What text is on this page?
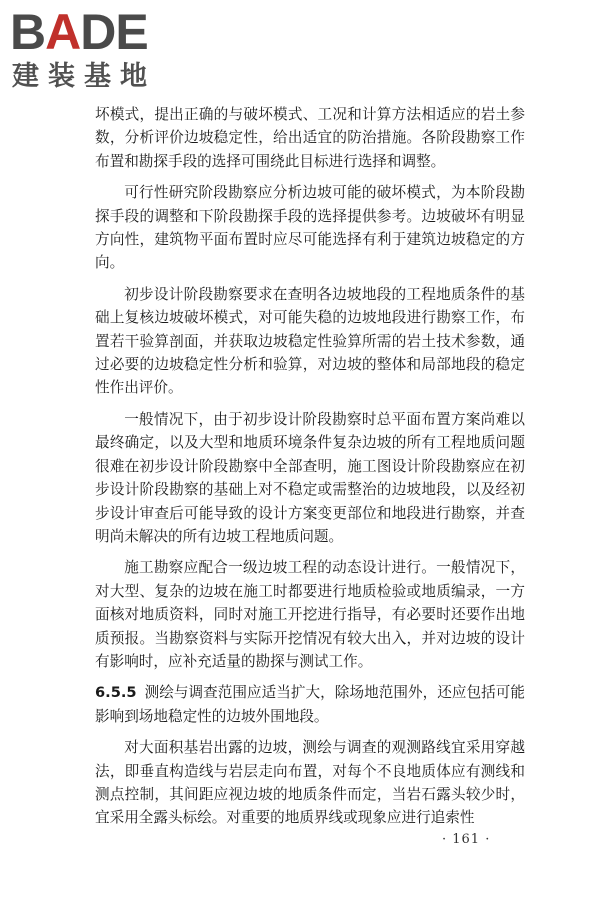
BADE
建装基地

坏模式，提出正确的与破坏模式、工况和计算方法相适应的岩土参数，分析评价边坡稳定性，给出适宜的防治措施。各阶段勘察工作布置和勘探手段的选择可围绕此目标进行选择和调整。

可行性研究阶段勘察应分析边坡可能的破坏模式，为本阶段勘探手段的调整和下阶段勘探手段的选择提供参考。边坡破坏有明显方向性，建筑物平面布置时应尽可能选择有利于建筑边坡稳定的方向。

初步设计阶段勘察要求在查明各边坡地段的工程地质条件的基础上复核边坡破坏模式，对可能失稳的边坡地段进行勘察工作，布置若干验算剖面，并获取边坡稳定性验算所需的岩土技术参数，通过必要的边坡稳定性分析和验算，对边坡的整体和局部地段的稳定性作出评价。

一般情况下，由于初步设计阶段勘察时总平面布置方案尚难以最终确定，以及大型和地质环境条件复杂边坡的所有工程地质问题很难在初步设计阶段勘察中全部查明，施工图设计阶段勘察应在初步设计阶段勘察的基础上对不稳定或需整治的边坡地段，以及经初步设计审查后可能导致的设计方案变更部位和地段进行勘察，并查明尚未解决的所有边坡工程地质问题。

施工勘察应配合一级边坡工程的动态设计进行。一般情况下，对大型、复杂的边坡在施工时都要进行地质检验或地质编录，一方面核对地质资料，同时对施工开挖进行指导，有必要时还要作出地质预报。当勘察资料与实际开挖情况有较大出入，并对边坡的设计有影响时，应补充适量的勘探与测试工作。

6.5.5 测绘与调查范围应适当扩大，除场地范围外，还应包括可能影响到场地稳定性的边坡外围地段。

对大面积基岩出露的边坡，测绘与调查的观测路线宜采用穿越法，即垂直构造线与岩层走向布置，对每个不良地质体应有测线和测点控制，其间距应视边坡的地质条件而定，当岩石露头较少时，宜采用全露头标绘。对重要的地质界线或现象应进行追索性

· 161 ·
